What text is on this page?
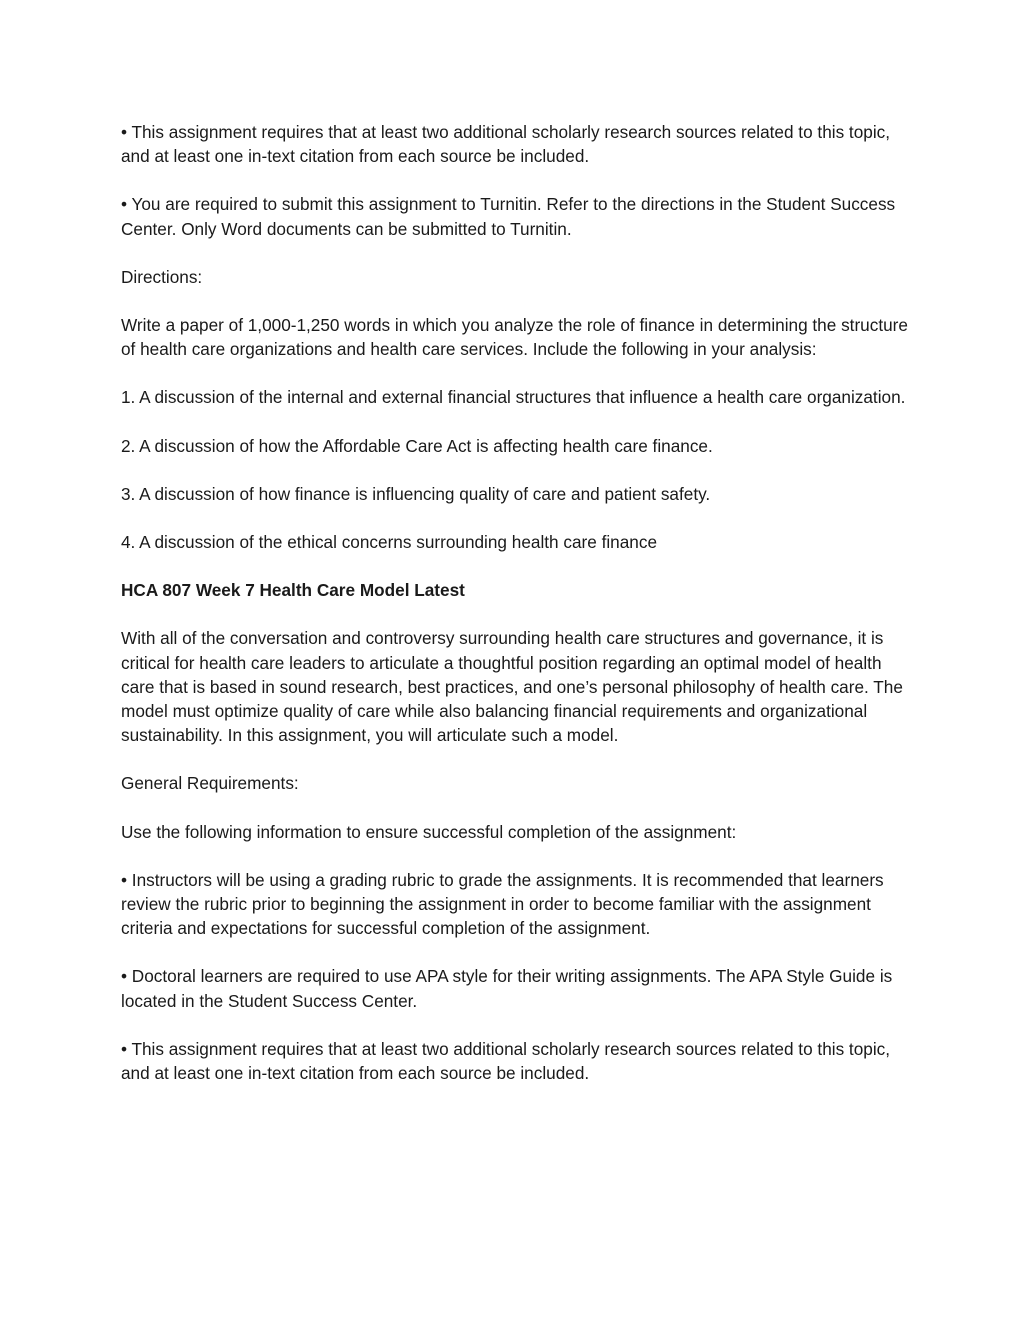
• This assignment requires that at least two additional scholarly research sources related to this topic, and at least one in-text citation from each source be included.

• You are required to submit this assignment to Turnitin. Refer to the directions in the Student Success Center. Only Word documents can be submitted to Turnitin.

Directions:

Write a paper of 1,000-1,250 words in which you analyze the role of finance in determining the structure of health care organizations and health care services. Include the following in your analysis:

1. A discussion of the internal and external financial structures that influence a health care organization.

2. A discussion of how the Affordable Care Act is affecting health care finance.

3. A discussion of how finance is influencing quality of care and patient safety.

4. A discussion of the ethical concerns surrounding health care finance

HCA 807 Week 7 Health Care Model Latest

With all of the conversation and controversy surrounding health care structures and governance, it is critical for health care leaders to articulate a thoughtful position regarding an optimal model of health care that is based in sound research, best practices, and one’s personal philosophy of health care. The model must optimize quality of care while also balancing financial requirements and organizational sustainability. In this assignment, you will articulate such a model.

General Requirements:

Use the following information to ensure successful completion of the assignment:

• Instructors will be using a grading rubric to grade the assignments. It is recommended that learners review the rubric prior to beginning the assignment in order to become familiar with the assignment criteria and expectations for successful completion of the assignment.

• Doctoral learners are required to use APA style for their writing assignments. The APA Style Guide is located in the Student Success Center.

• This assignment requires that at least two additional scholarly research sources related to this topic, and at least one in-text citation from each source be included.
